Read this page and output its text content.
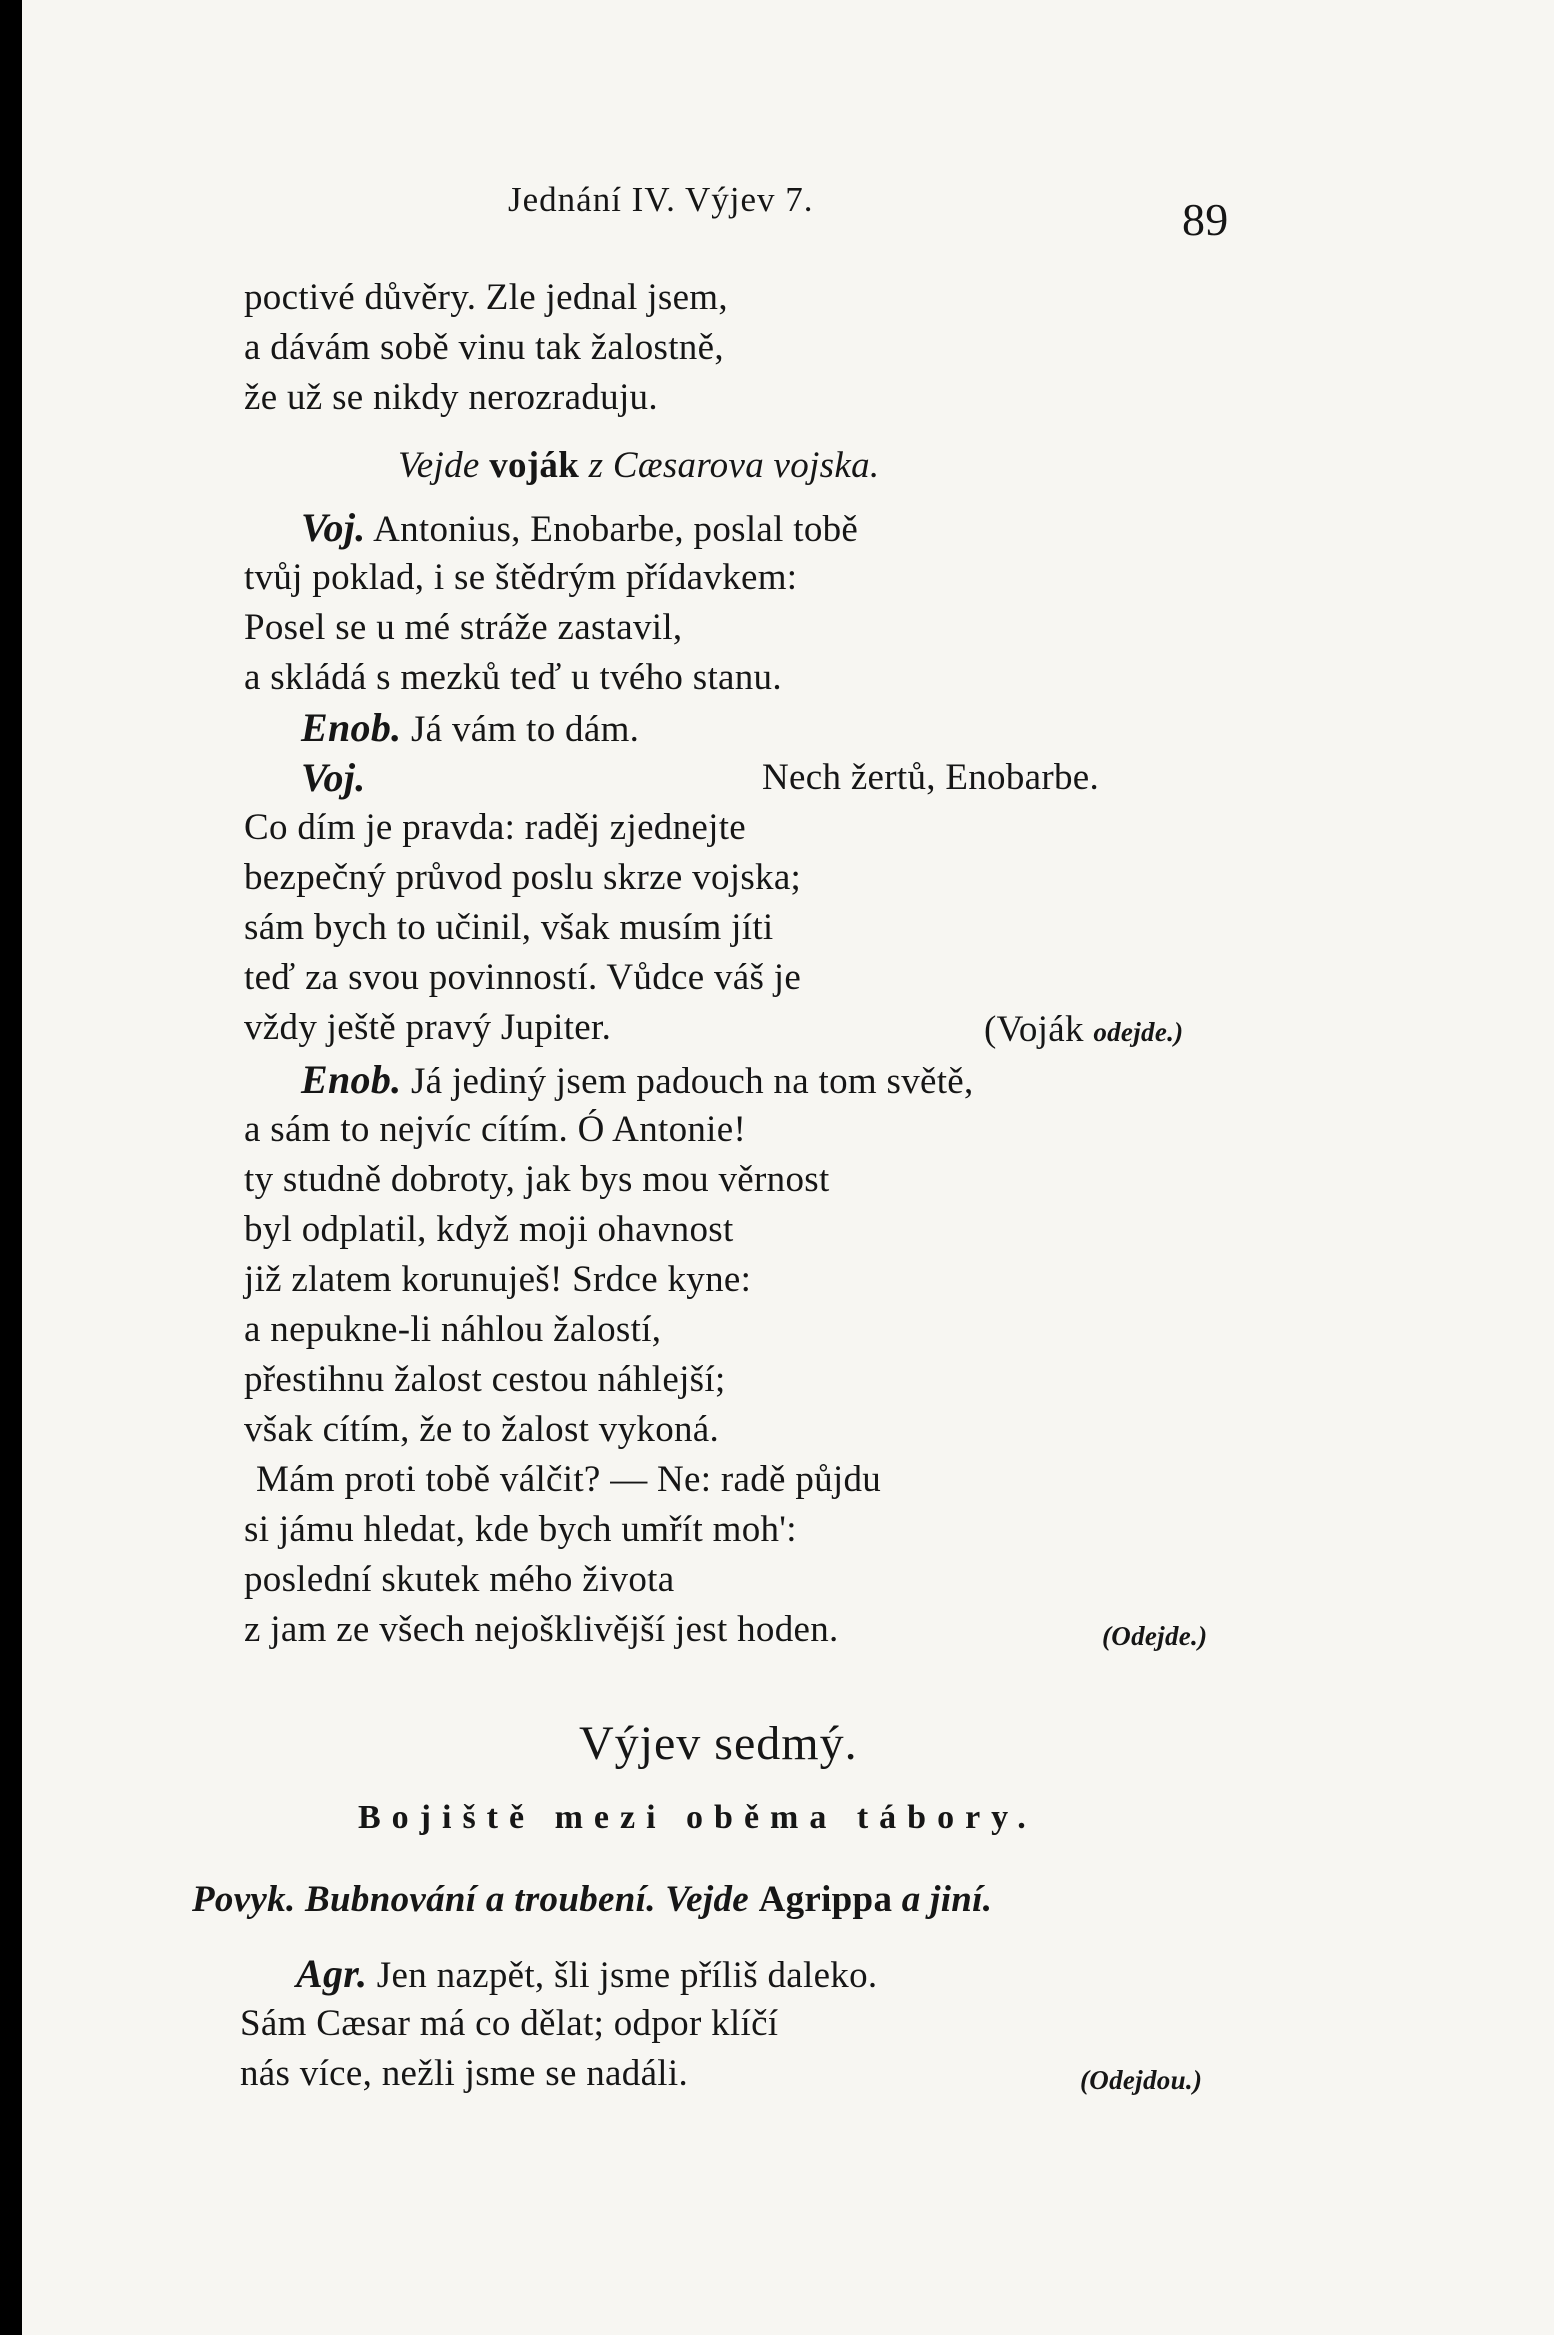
Jednání IV. Výjev 7.	89
poctivé důvěry. Zle jednal jsem,
a dávám sobě vinu tak žalostně,
že už se nikdy nerozraduju.
Vejde voják z Cæsarova vojska.
Voj. Antonius, Enobarbe, poslal tobě
tvůj poklad, i se štědrým přídavkem:
Posel se u mé stráže zastavil,
a skládá s mezků teď u tvého stanu.
Enob. Já vám to dám.
Voj.	Nech žertů, Enobarbe.
Co dím je pravda: raděj zjednejte
bezpečný průvod poslu skrze vojska;
sám bych to učinil, však musím jíti
teď za svou povinností. Vůdce váš je
vždy ještě pravý Jupiter.	(Voják odejde.)
Enob. Já jediný jsem padouch na tom světě,
a sám to nejvíc cítím. Ó Antonie!
ty studně dobroty, jak bys mou věrnost
byl odplatil, když moji ohavnost
již zlatem korunuješ! Srdce kyne:
a nepukne-li náhlou žalostí,
přestihnu žalost cestou náhlejší;
však cítím, že to žalost vykoná.
Mám proti tobě válčit? — Ne: radě půjdu
si jámu hledat, kde bych umřít moh':
poslední skutek mého života
z jam ze všech nejošklivější jest hoden.	(Odejde.)
Výjev sedmý.
Bojiště mezi oběma tábory.
Povyk. Bubnování a troubení. Vejde Agrippa a jiní.
Agr. Jen nazpět, šli jsme příliš daleko.
Sám Cæsar má co dělat; odpor klíčí
nás více, nežli jsme se nadáli.	(Odejdou.)
